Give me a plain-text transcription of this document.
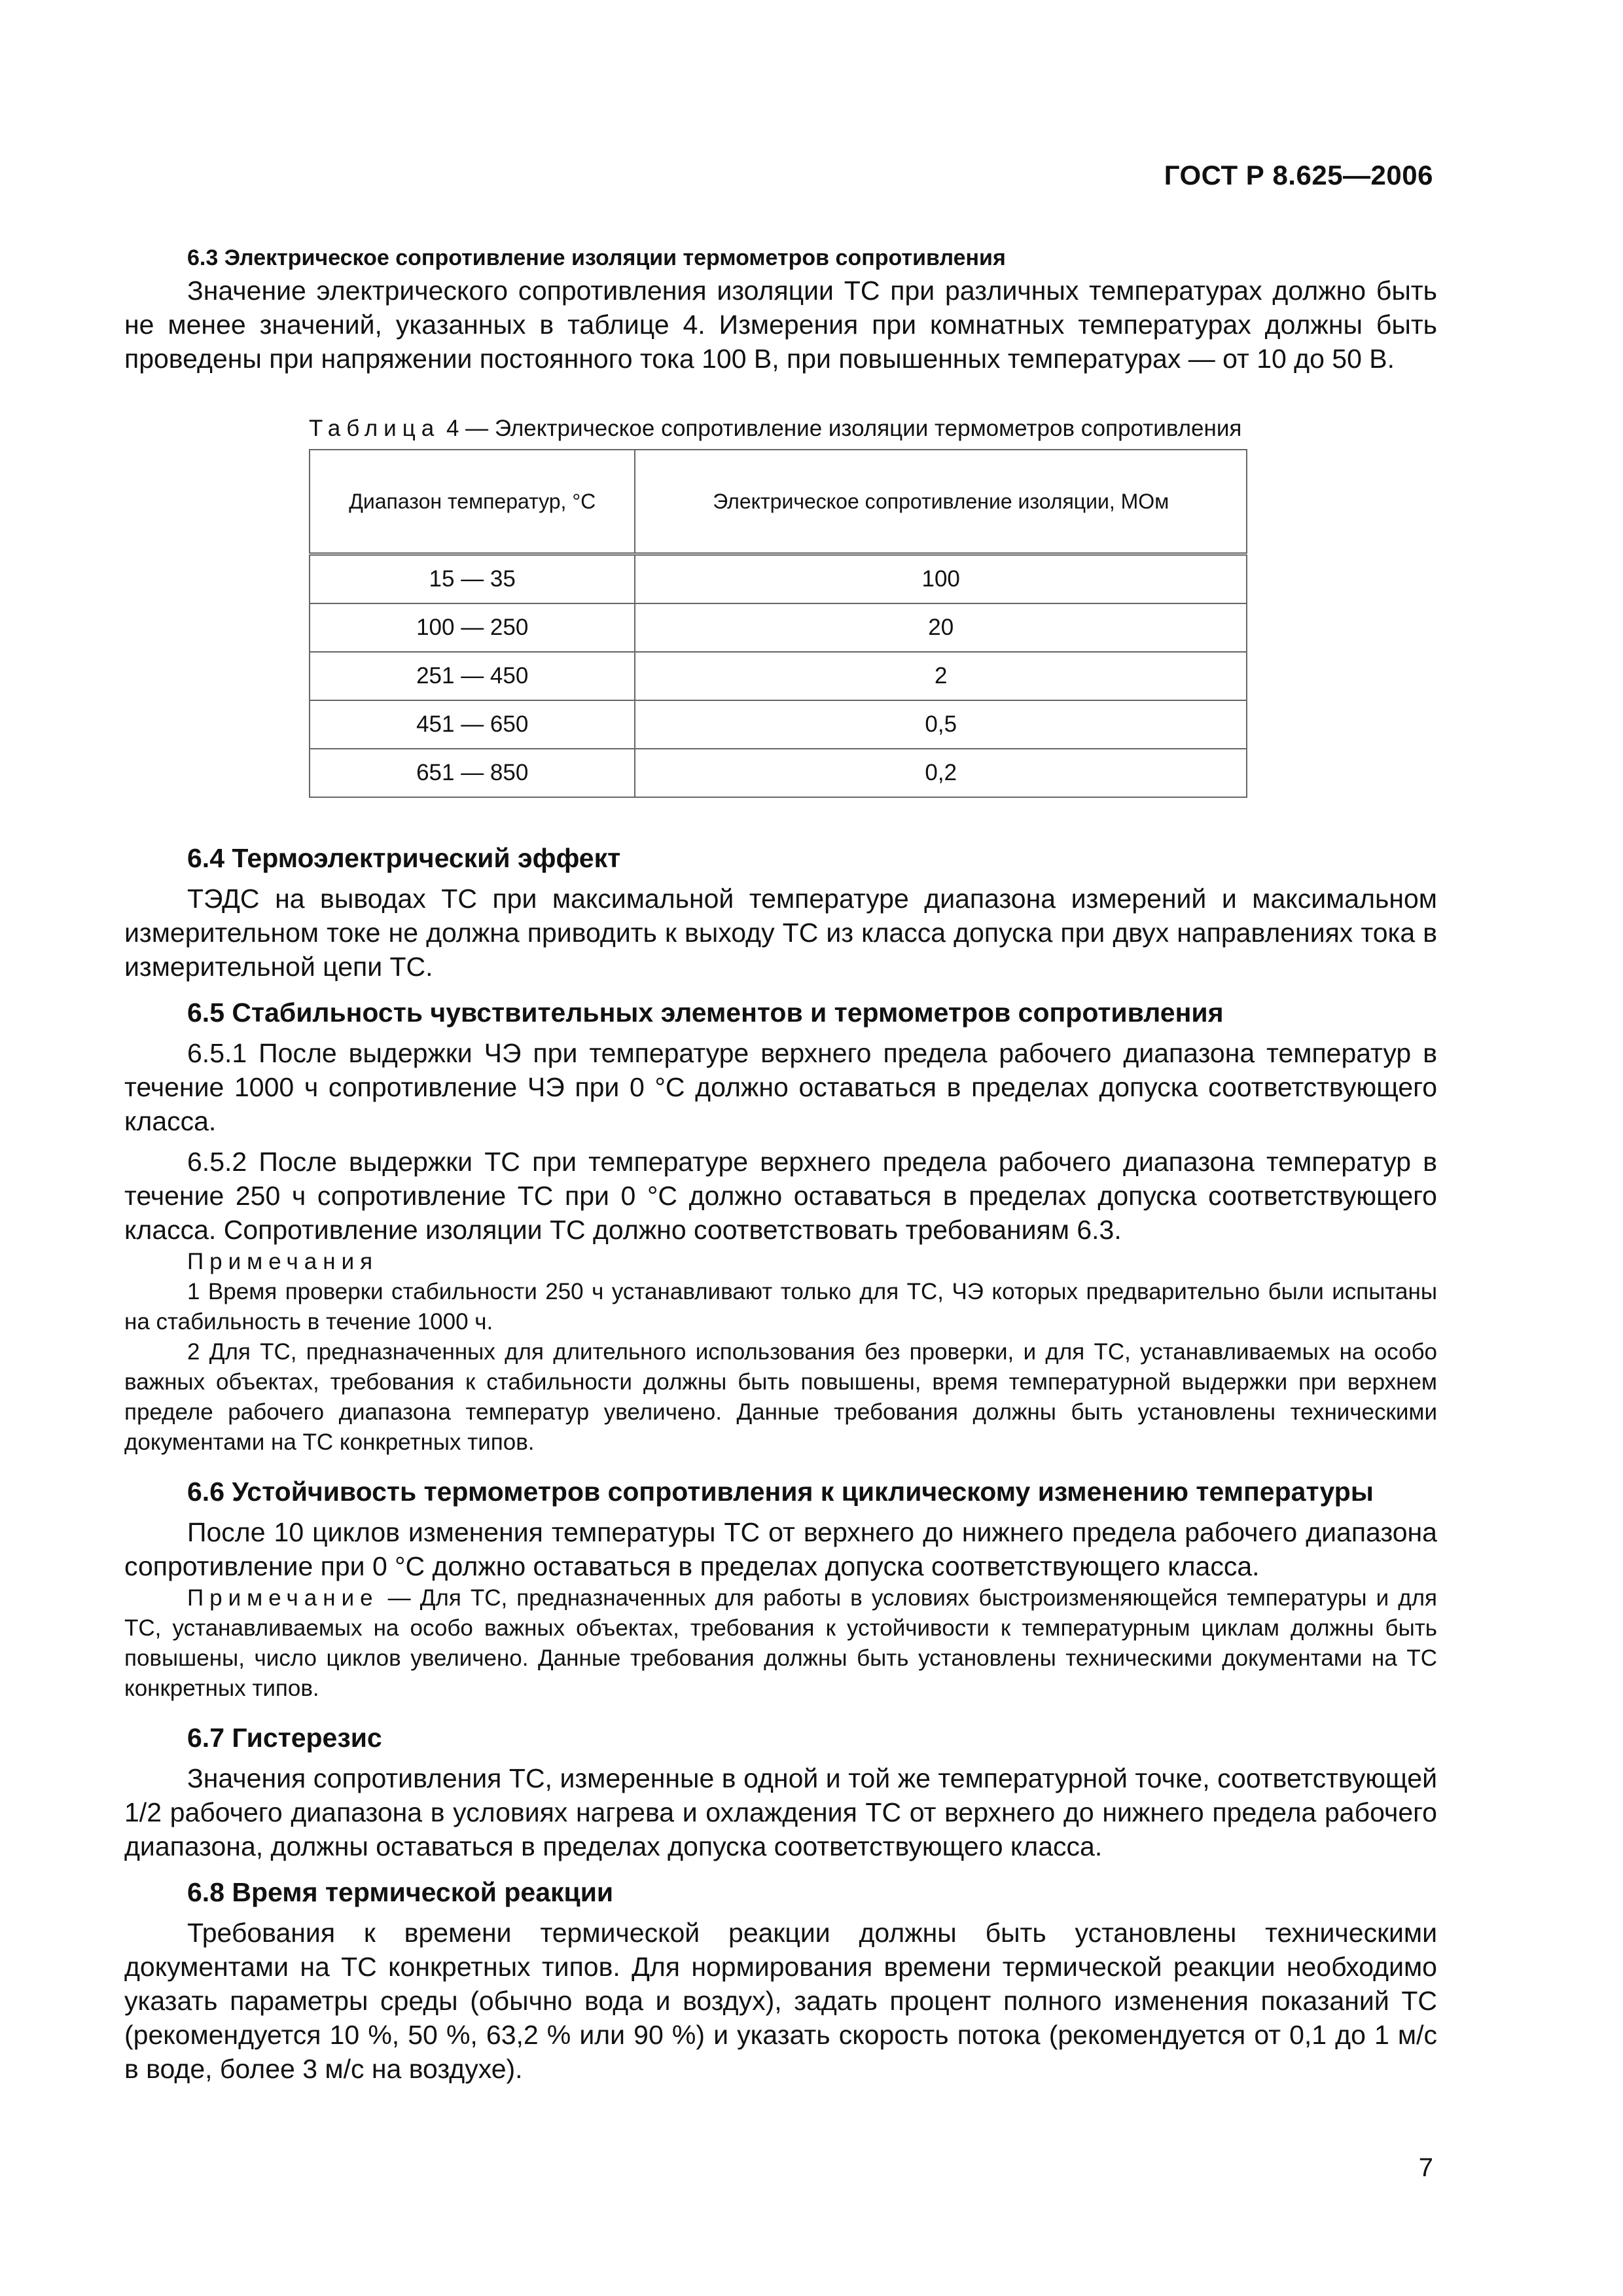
ГОСТ Р 8.625—2006

6.3 Электрическое сопротивление изоляции термометров сопротивления

Значение электрического сопротивления изоляции ТС при различных температурах должно быть не менее значений, указанных в таблице 4. Измерения при комнатных температурах должны быть проведены при напряжении постоянного тока 100 В, при повышенных температурах — от 10 до 50 В.

Таблица 4 — Электрическое сопротивление изоляции термометров сопротивления

Диапазон температур, °С	Электрическое сопротивление изоляции, МОм
15 — 35	100
100 — 250	20
251 — 450	2
451 — 650	0,5
651 — 850	0,2

6.4 Термоэлектрический эффект

ТЭДС на выводах ТС при максимальной температуре диапазона измерений и максимальном измерительном токе не должна приводить к выходу ТС из класса допуска при двух направлениях тока в измерительной цепи ТС.

6.5 Стабильность чувствительных элементов и термометров сопротивления

6.5.1 После выдержки ЧЭ при температуре верхнего предела рабочего диапазона температур в течение 1000 ч сопротивление ЧЭ при 0 °С должно оставаться в пределах допуска соответствующего класса.

6.5.2 После выдержки ТС при температуре верхнего предела рабочего диапазона температур в течение 250 ч сопротивление ТС при 0 °С должно оставаться в пределах допуска соответствующего класса. Сопротивление изоляции ТС должно соответствовать требованиям 6.3.

Примечания

1 Время проверки стабильности 250 ч устанавливают только для ТС, ЧЭ которых предварительно были испытаны на стабильность в течение 1000 ч.

2 Для ТС, предназначенных для длительного использования без проверки, и для ТС, устанавливаемых на особо важных объектах, требования к стабильности должны быть повышены, время температурной выдержки при верхнем пределе рабочего диапазона температур увеличено. Данные требования должны быть установлены техническими документами на ТС конкретных типов.

6.6 Устойчивость термометров сопротивления к циклическому изменению температуры

После 10 циклов изменения температуры ТС от верхнего до нижнего предела рабочего диапазона сопротивление при 0 °С должно оставаться в пределах допуска соответствующего класса.

Примечание — Для ТС, предназначенных для работы в условиях быстроизменяющейся температуры и для ТС, устанавливаемых на особо важных объектах, требования к устойчивости к температурным циклам должны быть повышены, число циклов увеличено. Данные требования должны быть установлены техническими документами на ТС конкретных типов.

6.7 Гистерезис

Значения сопротивления ТС, измеренные в одной и той же температурной точке, соответствующей 1/2 рабочего диапазона в условиях нагрева и охлаждения ТС от верхнего до нижнего предела рабочего диапазона, должны оставаться в пределах допуска соответствующего класса.

6.8 Время термической реакции

Требования к времени термической реакции должны быть установлены техническими документами на ТС конкретных типов. Для нормирования времени термической реакции необходимо указать параметры среды (обычно вода и воздух), задать процент полного изменения показаний ТС (рекомендуется 10 %, 50 %, 63,2 % или 90 %) и указать скорость потока (рекомендуется от 0,1 до 1 м/с в воде, более 3 м/с на воздухе).

7
